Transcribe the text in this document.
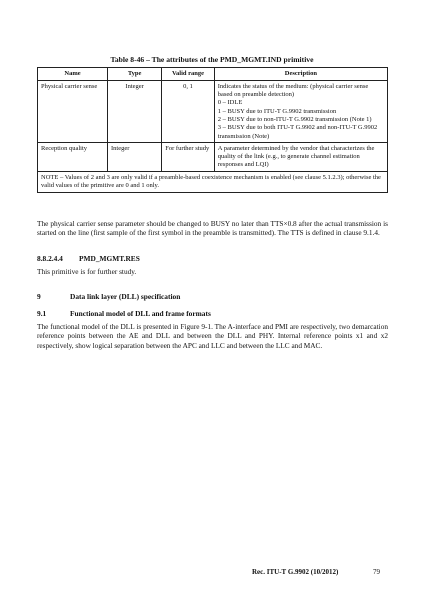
Table 8-46 – The attributes of the PMD_MGMT.IND primitive
Name	Type	Valid range	Description
Physical carrier sense	Integer	0, 1	Indicates the status of the medium: (physical carrier sense based on preamble detection)
0 – IDLE
1 – BUSY due to ITU-T G.9902 transmission
2 – BUSY due to non-ITU-T G.9902 transmission (Note 1)
3 – BUSY due to both ITU-T G.9902 and non-ITU-T G.9902 transmission (Note)

Reception quality	Integer	For further study	A parameter determined by the vendor that characterizes the quality of the link (e.g., to generate channel estimation responses and LQI)

NOTE – Values of 2 and 3 are only valid if a preamble-based coexistence mechanism is enabled (see clause 5.1.2.3); otherwise the valid values of the primitive are 0 and 1 only.			
The physical carrier sense parameter should be changed to BUSY no later than TTS×0.8 after the actual transmission is started on the line (first sample of the first symbol in the preamble is transmitted). The TTS is defined in clause 9.1.4.
8.8.2.4.4 PMD_MGMT.RES
This primitive is for further study.
9	Data link layer (DLL) specification
9.1	Functional model of DLL and frame formats
The functional model of the DLL is presented in Figure 9-1. The A-interface and PMI are respectively, two demarcation reference points between the AE and DLL and between the DLL and PHY. Internal reference points x1 and x2 respectively, show logical separation between the APC and LLC and between the LLC and MAC.
Rec. ITU-T G.9902 (10/2012)	79
